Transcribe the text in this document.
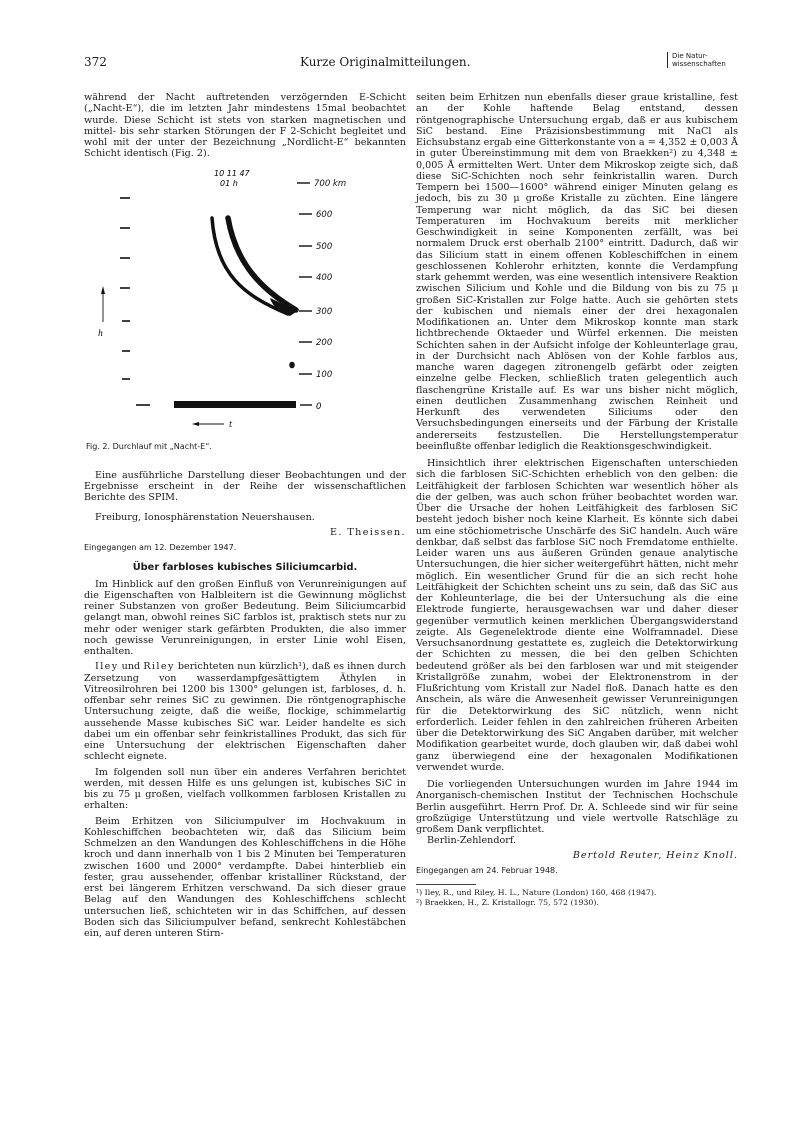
372	Kurze Originalmitteilungen.	Die Natur-
wissenschaften

während der Nacht auftretenden verzögernden E-Schicht („Nacht-E“), die im letzten Jahr mindestens 15mal beobachtet wurde. Diese Schicht ist stets von starken magnetischen und mittel- bis sehr starken Störungen der F 2-Schicht begleitet und wohl mit der unter der Bezeichnung „Nordlicht-E“ bekannten Schicht identisch (Fig. 2).

10 11 47
01 h
h
700 km
600
500
400
300
200
100
0
t
Fig. 2. Durchlauf mit „Nacht-E“.

Eine ausführliche Darstellung dieser Beobachtungen und der Ergebnisse erscheint in der Reihe der wissenschaftlichen Berichte des SPIM.

Freiburg, Ionosphärenstation Neuershausen.

E. Theissen.
Eingegangen am 12. Dezember 1947.
Über farbloses kubisches Siliciumcarbid.

Im Hinblick auf den großen Einfluß von Verunreinigungen auf die Eigenschaften von Halbleitern ist die Gewinnung möglichst reiner Substanzen von großer Bedeutung. Beim Siliciumcarbid gelangt man, obwohl reines SiC farblos ist, praktisch stets nur zu mehr oder weniger stark gefärbten Produkten, die also immer noch gewisse Verunreinigungen, in erster Linie wohl Eisen, enthalten.

Iley und Riley berichteten nun kürzlich¹), daß es ihnen durch Zersetzung von wasserdampfgesättigtem Äthylen in Vitreosilrohren bei 1200 bis 1300° gelungen ist, farbloses, d. h. offenbar sehr reines SiC zu gewinnen. Die röntgenographische Untersuchung zeigte, daß die weiße, flockige, schimmelartig aussehende Masse kubisches SiC war. Leider handelte es sich dabei um ein offenbar sehr feinkristallines Produkt, das sich für eine Untersuchung der elektrischen Eigenschaften daher schlecht eignete.

Im folgenden soll nun über ein anderes Verfahren berichtet werden, mit dessen Hilfe es uns gelungen ist, kubisches SiC in bis zu 75 μ großen, vielfach vollkommen farblosen Kristallen zu erhalten:

Beim Erhitzen von Siliciumpulver im Hochvakuum in Kohleschiffchen beobachteten wir, daß das Silicium beim Schmelzen an den Wandungen des Kohleschiffchens in die Höhe kroch und dann innerhalb von 1 bis 2 Minuten bei Temperaturen zwischen 1600 und 2000° verdampfte. Dabei hinterblieb ein fester, grau aussehender, offenbar kristalliner Rückstand, der erst bei längerem Erhitzen verschwand. Da sich dieser graue Belag auf den Wandungen des Kohleschiffchens schlecht untersuchen ließ, schichteten wir in das Schiffchen, auf dessen Boden sich das Siliciumpulver befand, senkrecht Kohlestäbchen ein, auf deren unteren Stirn-

seiten beim Erhitzen nun ebenfalls dieser graue kristalline, fest an der Kohle haftende Belag entstand, dessen röntgenographische Untersuchung ergab, daß er aus kubischem SiC bestand. Eine Präzisionsbestimmung mit NaCl als Eichsubstanz ergab eine Gitterkonstante von a = 4,352 ± 0,003 Å in guter Übereinstimmung mit dem von Braekken²) zu 4,348 ± 0,005 Å ermittelten Wert. Unter dem Mikroskop zeigte sich, daß diese SiC-Schichten noch sehr feinkristallin waren. Durch Tempern bei 1500—1600° während einiger Minuten gelang es jedoch, bis zu 30 μ große Kristalle zu züchten. Eine längere Temperung war nicht möglich, da das SiC bei diesen Temperaturen im Hochvakuum bereits mit merklicher Geschwindigkeit in seine Komponenten zerfällt, was bei normalem Druck erst oberhalb 2100° eintritt. Dadurch, daß wir das Silicium statt in einem offenen Kobleschiffchen in einem geschlossenen Kohlerohr erhitzten, konnte die Verdampfung stark gehemmt werden, was eine wesentlich intensivere Reaktion zwischen Silicium und Kohle und die Bildung von bis zu 75 μ großen SiC-Kristallen zur Folge hatte. Auch sie gehörten stets der kubischen und niemals einer der drei hexagonalen Modifikationen an. Unter dem Mikroskop konnte man stark lichtbrechende Oktaeder und Würfel erkennen. Die meisten Schichten sahen in der Aufsicht infolge der Kohleunterlage grau, in der Durchsicht nach Ablösen von der Kohle farblos aus, manche waren dagegen zitronengelb gefärbt oder zeigten einzelne gelbe Flecken, schließlich traten gelegentlich auch flaschengrüne Kristalle auf. Es war uns bisher nicht möglich, einen deutlichen Zusammenhang zwischen Reinheit und Herkunft des verwendeten Siliciums oder den Versuchsbedingungen einerseits und der Färbung der Kristalle andererseits festzustellen. Die Herstellungstemperatur beeinflußte offenbar lediglich die Reaktionsgeschwindigkeit.

Hinsichtlich ihrer elektrischen Eigenschaften unterschieden sich die farblosen SiC-Schichten erheblich von den gelben: die Leitfähigkeit der farblosen Schichten war wesentlich höher als die der gelben, was auch schon früher beobachtet worden war. Über die Ursache der hohen Leitfähigkeit des farblosen SiC besteht jedoch bisher noch keine Klarheit. Es könnte sich dabei um eine stöchiometrische Unschärfe des SiC handeln. Auch wäre denkbar, daß selbst das farblose SiC noch Fremdatome enthielte. Leider waren uns aus äußeren Gründen genaue analytische Untersuchungen, die hier sicher weitergeführt hätten, nicht mehr möglich. Ein wesentlicher Grund für die an sich recht hohe Leitfähigkeit der Schichten scheint uns zu sein, daß das SiC aus der Kohleunterlage, die bei der Untersuchung als die eine Elektrode fungierte, herausgewachsen war und daher dieser gegenüber vermutlich keinen merklichen Übergangswiderstand zeigte. Als Gegenelektrode diente eine Wolframnadel. Diese Versuchsanordnung gestattete es, zugleich die Detektorwirkung der Schichten zu messen, die bei den gelben Schichten bedeutend größer als bei den farblosen war und mit steigender Kristallgröße zunahm, wobei der Elektronenstrom in der Flußrichtung vom Kristall zur Nadel floß. Danach hatte es den Anschein, als wäre die Anwesenheit gewisser Verunreinigungen für die Detektorwirkung des SiC nützlich, wenn nicht erforderlich. Leider fehlen in den zahlreichen früheren Arbeiten über die Detektorwirkung des SiC Angaben darüber, mit welcher Modifikation gearbeitet wurde, doch glauben wir, daß dabei wohl ganz überwiegend eine der hexagonalen Modifikationen verwendet wurde.

Die vorliegenden Untersuchungen wurden im Jahre 1944 im Anorganisch-chemischen Institut der Technischen Hochschule Berlin ausgeführt. Herrn Prof. Dr. A. Schleede sind wir für seine großzügige Unterstützung und viele wertvolle Ratschläge zu großem Dank verpflichtet.

Berlin-Zehlendorf.

Bertold Reuter, Heinz Knoll.
Eingegangen am 24. Februar 1948.
¹) Iley, R., und Riley, H. L., Nature (London) 160, 468 (1947).
²) Braekken, H., Z. Kristallogr. 75, 572 (1930).
